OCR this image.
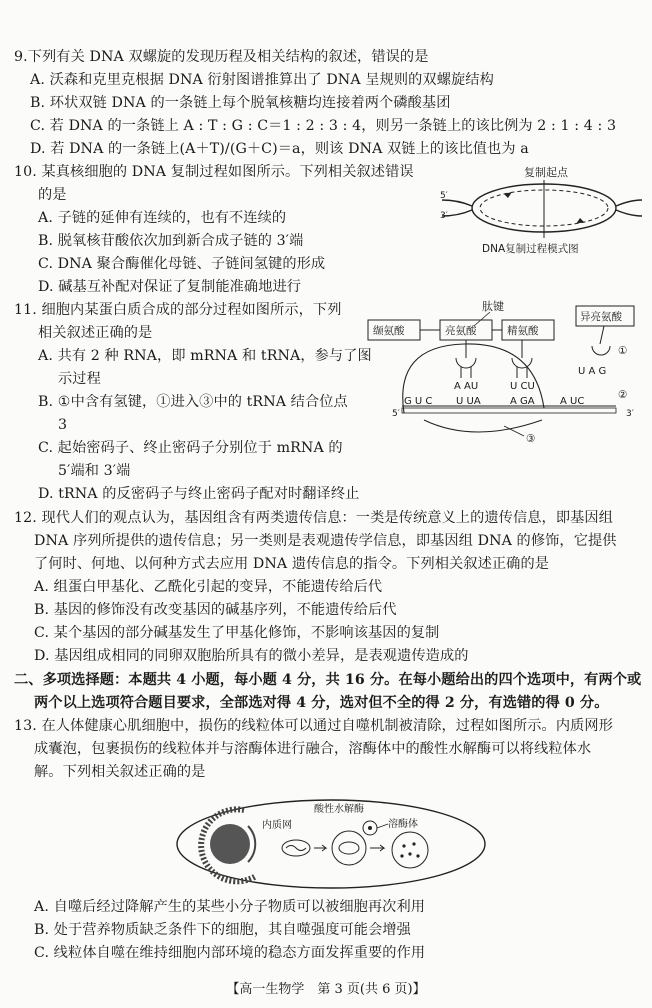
9.下列有关 DNA 双螺旋的发现历程及相关结构的叙述，错误的是
A. 沃森和克里克根据 DNA 衍射图谱推算出了 DNA 呈规则的双螺旋结构
B. 环状双链 DNA 的一条链上每个脱氧核糖均连接着两个磷酸基团
C. 若 DNA 的一条链上 A : T : G : C＝1 : 2 : 3 : 4，则另一条链上的该比例为 2 : 1 : 4 : 3
D. 若 DNA 的一条链上(A＋T)/(G＋C)＝a，则该 DNA 双链上的该比值也为 a
10. 某真核细胞的 DNA 复制过程如图所示。下列相关叙述错误
的是
A. 子链的延伸有连续的，也有不连续的
B. 脱氧核苷酸依次加到新合成子链的 3′端
C. DNA 聚合酶催化母链、子链间氢键的形成
D. 碱基互补配对保证了复制能准确地进行
复制起点
5′
3′
DNA复制过程模式图
11. 细胞内某蛋白质合成的部分过程如图所示，下列
相关叙述正确的是
A. 共有 2 种 RNA，即 mRNA 和 tRNA，参与了图
示过程
B. ①中含有氢键，①进入③中的 tRNA 结合位点
3
C. 起始密码子、终止密码子分别位于 mRNA 的
5′端和 3′端
D. tRNA 的反密码子与终止密码子配对时翻译终止
肽键
缬氨酸	亮氨酸	精氨酸
异亮氨酸
①
A AU	U CU
U A G
G U C U UA	A GA	A UC
②
5′	3′
③
12. 现代人们的观点认为，基因组含有两类遗传信息：一类是传统意义上的遗传信息，即基因组
DNA 序列所提供的遗传信息；另一类则是表观遗传学信息，即基因组 DNA 的修饰，它提供
了何时、何地、以何种方式去应用 DNA 遗传信息的指令。下列相关叙述正确的是
A. 组蛋白甲基化、乙酰化引起的变异，不能遗传给后代
B. 基因的修饰没有改变基因的碱基序列，不能遗传给后代
C. 某个基因的部分碱基发生了甲基化修饰，不影响该基因的复制
D. 基因组成相同的同卵双胞胎所具有的微小差异，是表观遗传造成的
二、多项选择题：本题共 4 小题，每小题 4 分，共 16 分。在每小题给出的四个选项中，有两个或
两个以上选项符合题目要求，全部选对得 4 分，选对但不全的得 2 分，有选错的得 0 分。
13. 在人体健康心肌细胞中，损伤的线粒体可以通过自噬机制被清除，过程如图所示。内质网形
成囊泡，包裹损伤的线粒体并与溶酶体进行融合，溶酶体中的酸性水解酶可以将线粒体水
解。下列相关叙述正确的是
内质网
酸性水解酶
溶酶体
A. 自噬后经过降解产生的某些小分子物质可以被细胞再次利用
B. 处于营养物质缺乏条件下的细胞，其自噬强度可能会增强
C. 线粒体自噬在维持细胞内部环境的稳态方面发挥重要的作用
【高一生物学　第 3 页(共 6 页)】
